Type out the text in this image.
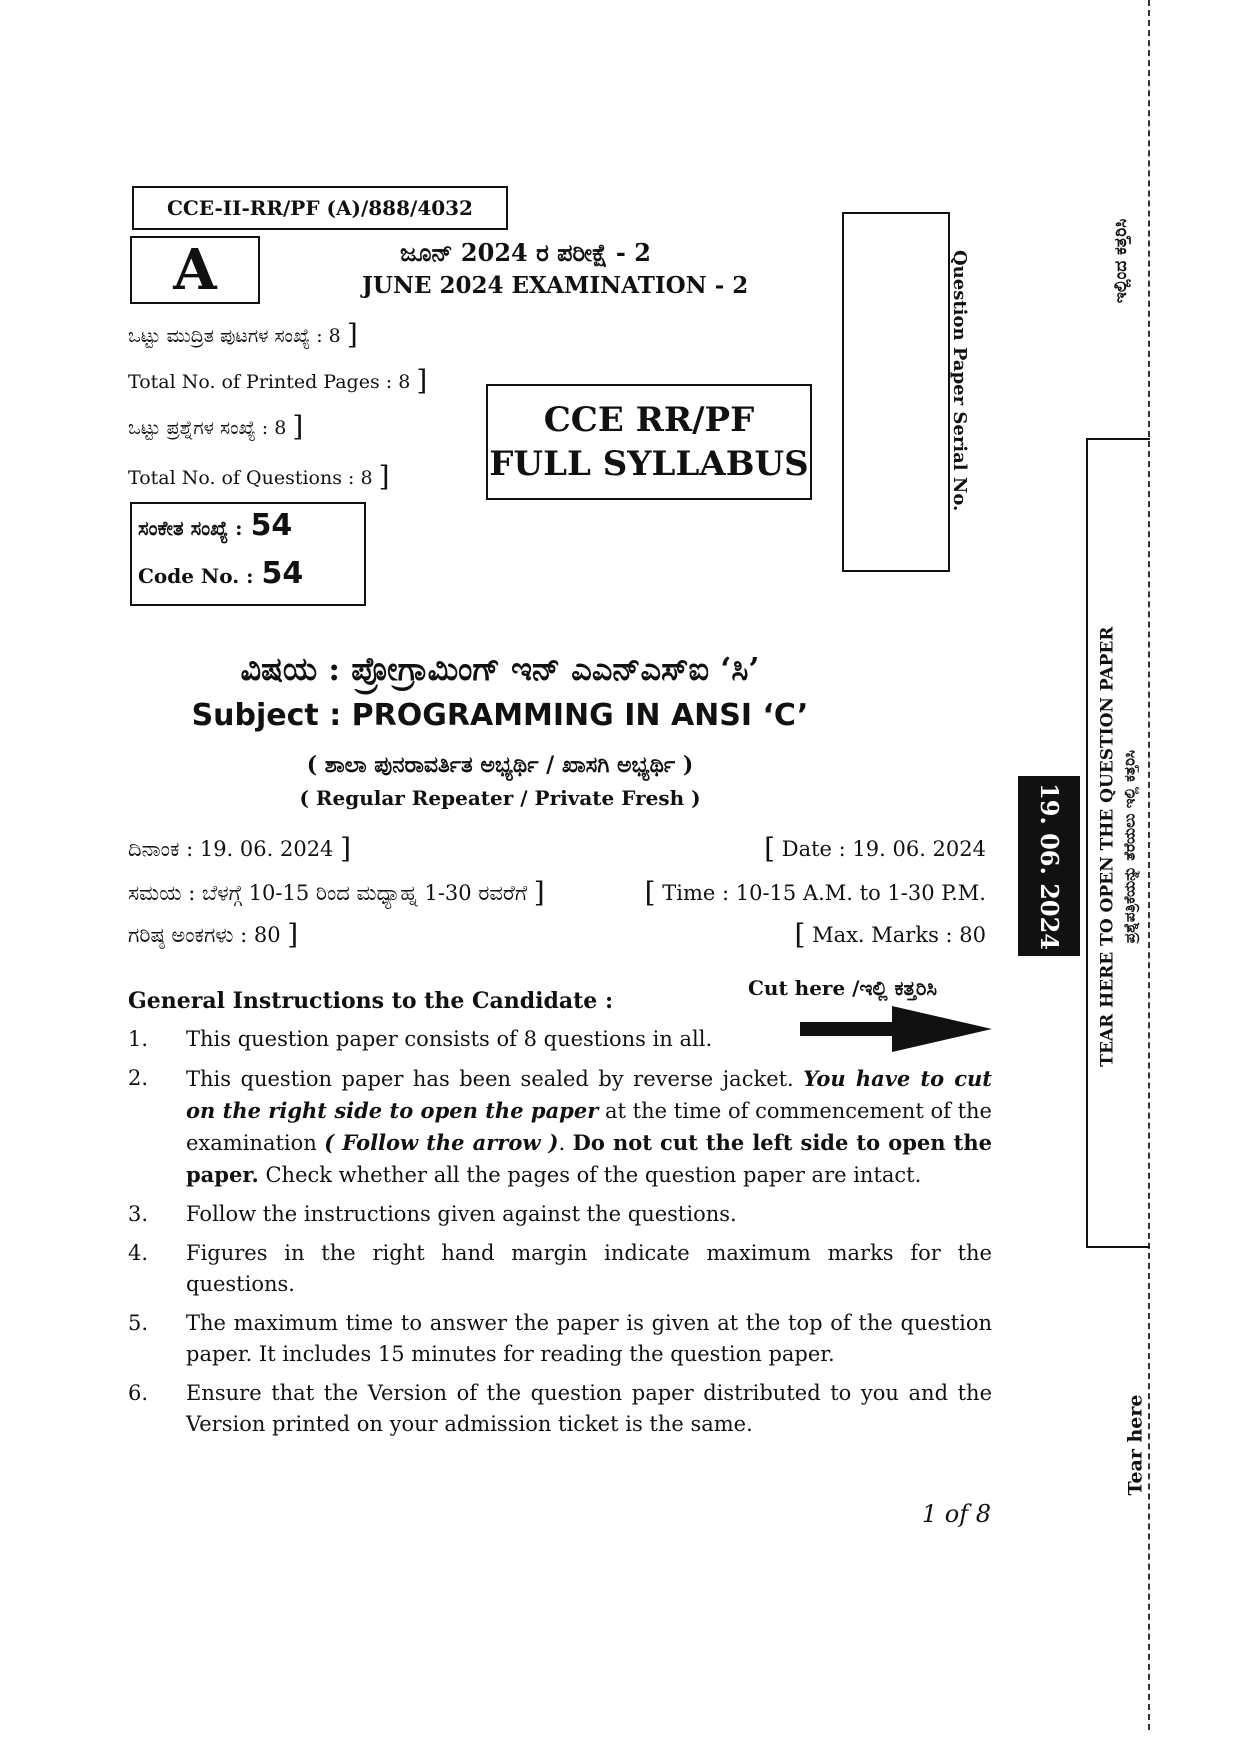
CCE-II-RR/PF (A)/888/4032
A	ಜೂನ್ 2024 ರ ಪರೀಕ್ಷೆ - 2
JUNE 2024 EXAMINATION - 2
ಒಟ್ಟು ಮುದ್ರಿತ ಪುಟಗಳ ಸಂಖ್ಯೆ : 8 ]
Total No. of Printed Pages : 8 ]
ಒಟ್ಟು ಪ್ರಶ್ನೆಗಳ ಸಂಖ್ಯೆ : 8 ]
Total No. of Questions : 8 ]
CCE RR/PF
FULL SYLLABUS	Question Paper Serial No.
ಸಂಕೇತ ಸಂಖ್ಯೆ : 54
Code No. : 54
ವಿಷಯ : ಪ್ರೋಗ್ರಾಮಿಂಗ್ ಇನ್ ಎಎನ್‌ಎಸ್‌ಐ ‘ಸಿ’
Subject : PROGRAMMING IN ANSI ‘C’
( ಶಾಲಾ ಪುನರಾವರ್ತಿತ ಅಭ್ಯರ್ಥಿ / ಖಾಸಗಿ ಅಭ್ಯರ್ಥಿ )
( Regular Repeater / Private Fresh )
ದಿನಾಂಕ : 19. 06. 2024 ]	[ Date : 19. 06. 2024
ಸಮಯ : ಬೆಳಗ್ಗೆ 10-15 ರಿಂದ ಮಧ್ಯಾಹ್ನ 1-30 ರವರೆಗೆ ]	[ Time : 10-15 A.M. to 1-30 P.M.
ಗರಿಷ್ಠ ಅಂಕಗಳು : 80 ]	[ Max. Marks : 80
General Instructions to the Candidate :	Cut here /ಇಲ್ಲಿ ಕತ್ತರಿಸಿ
1.	This question paper consists of 8 questions in all.
2.	This question paper has been sealed by reverse jacket. You have to cut on the right side to open the paper at the time of commencement of the examination ( Follow the arrow ). Do not cut the left side to open the paper. Check whether all the pages of the question paper are intact.
3.	Follow the instructions given against the questions.
4.	Figures in the right hand margin indicate maximum marks for the questions.
5.	The maximum time to answer the paper is given at the top of the question paper. It includes 15 minutes for reading the question paper.
6.	Ensure that the Version of the question paper distributed to you and the Version printed on your admission ticket is the same.
1 of 8
ಇಲ್ಲಿಂದ ಕತ್ತರಿಸಿ
TEAR HERE TO OPEN THE QUESTION PAPER ಪ್ರಶ್ನೆಪತ್ರಿಕೆಯನ್ನು ತೆರೆಯಲು ಇಲ್ಲಿ ಕತ್ತರಿಸಿ
19. 06. 2024
Tear here
